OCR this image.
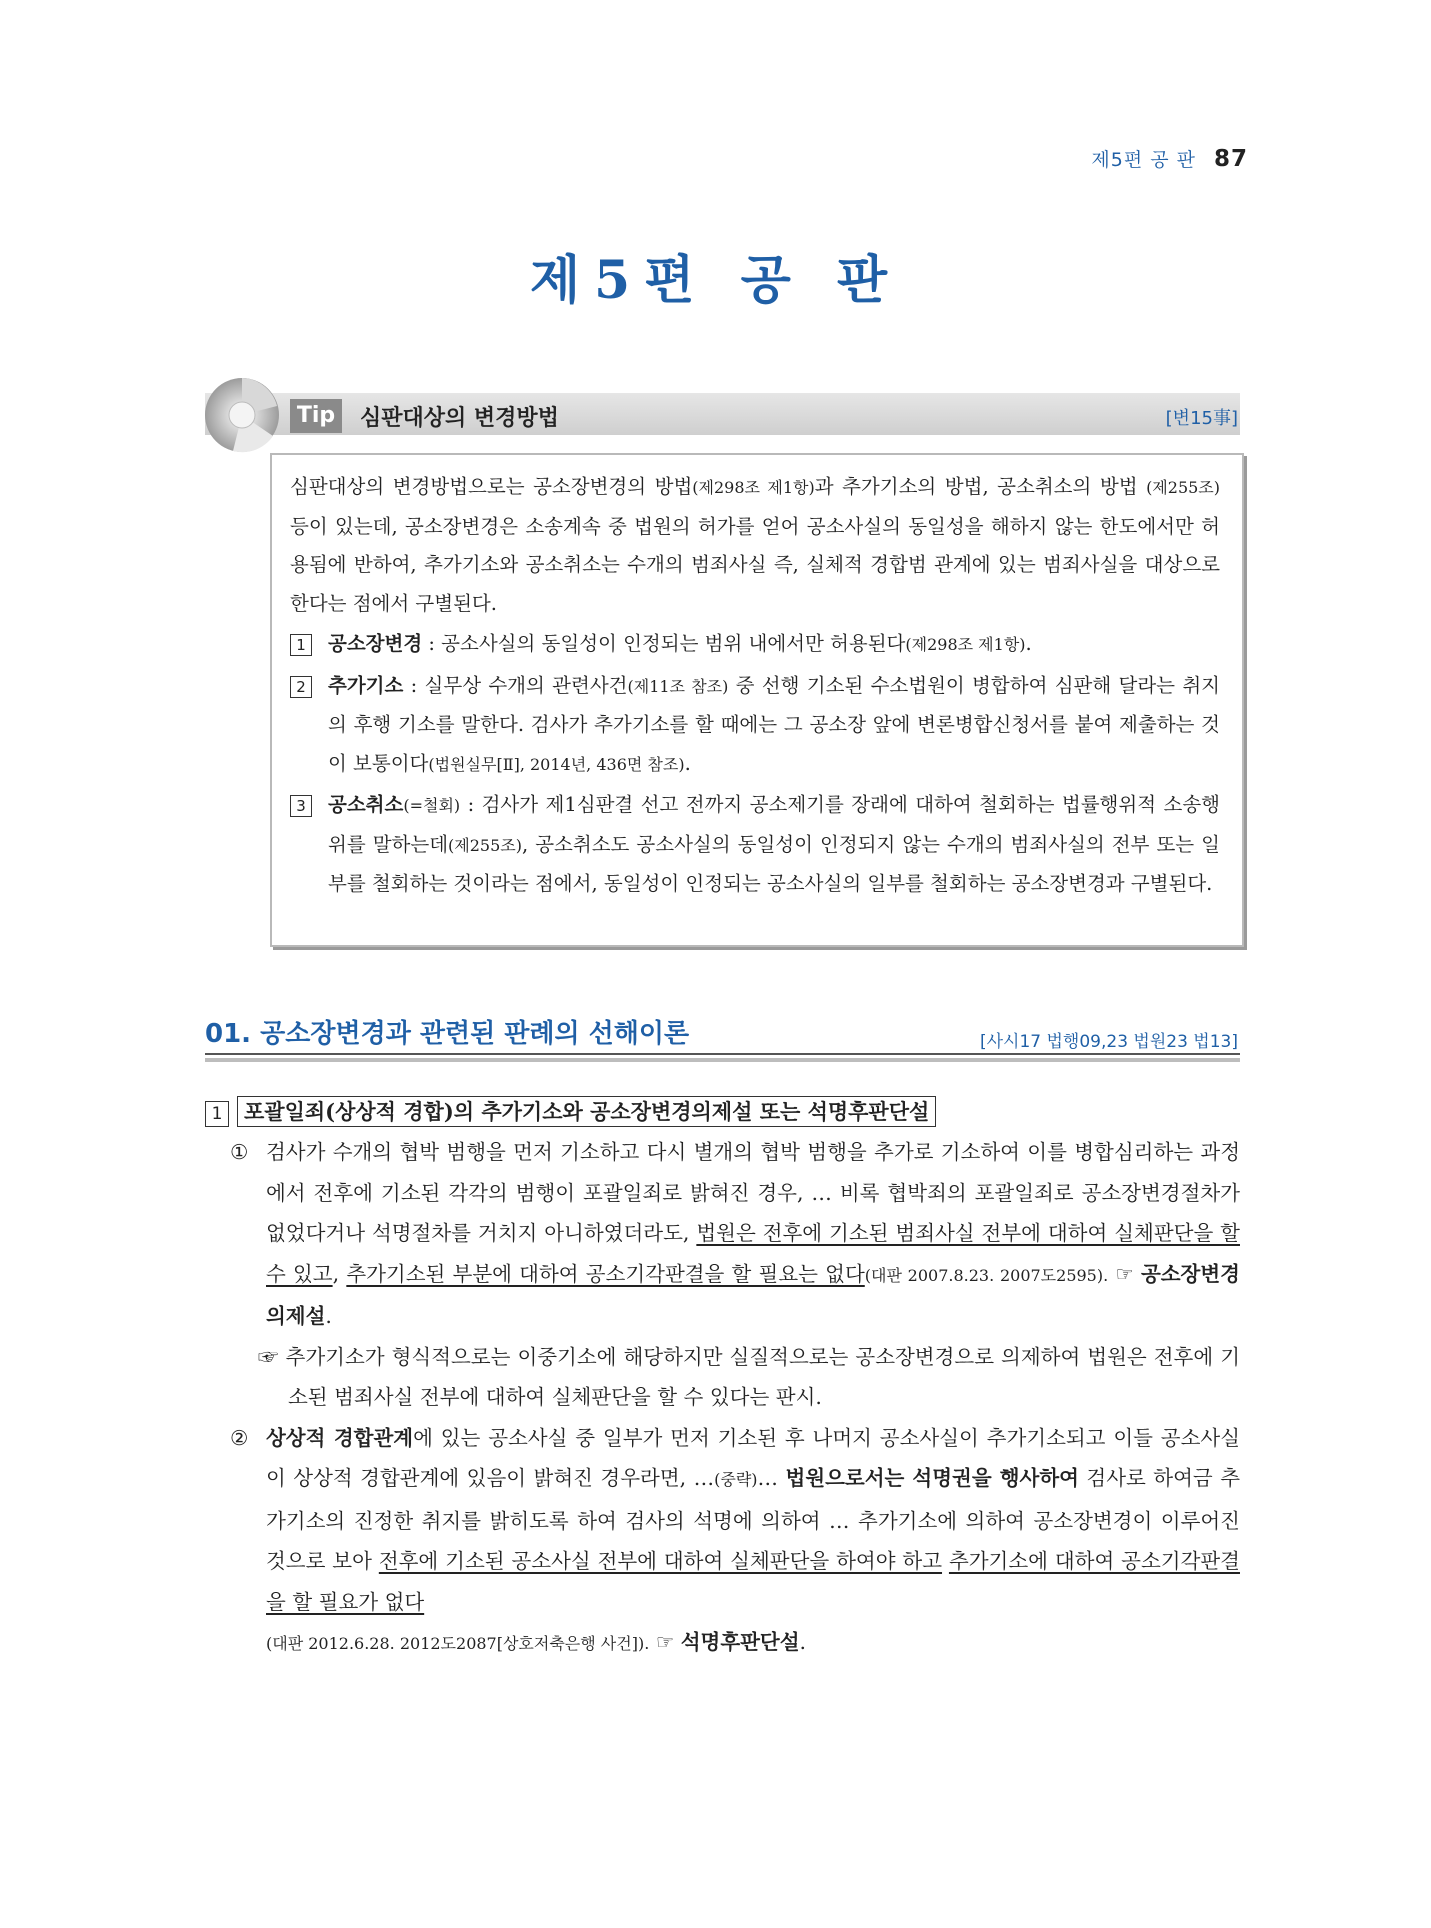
제5편 공 판 87
제5편 공 판
Tip	심판대상의 변경방법	[변15事]

심판대상의 변경방법으로는 공소장변경의 방법(제298조 제1항)과 추가기소의 방법, 공소취소의 방법 (제255조) 등이 있는데, 공소장변경은 소송계속 중 법원의 허가를 얻어 공소사실의 동일성을 해하지 않는 한도에서만 허용됨에 반하여, 추가기소와 공소취소는 수개의 범죄사실 즉, 실체적 경합범 관계에 있는 범죄사실을 대상으로 한다는 점에서 구별된다.

1	공소장변경 : 공소사실의 동일성이 인정되는 범위 내에서만 허용된다(제298조 제1항).
2	추가기소 : 실무상 수개의 관련사건(제11조 참조) 중 선행 기소된 수소법원이 병합하여 심판해 달라는 취지의 후행 기소를 말한다. 검사가 추가기소를 할 때에는 그 공소장 앞에 변론병합신청서를 붙여 제출하는 것이 보통이다(법원실무[Ⅱ], 2014년, 436면 참조).
3	공소취소(=철회) : 검사가 제1심판결 선고 전까지 공소제기를 장래에 대하여 철회하는 법률행위적 소송행위를 말하는데(제255조), 공소취소도 공소사실의 동일성이 인정되지 않는 수개의 범죄사실의 전부 또는 일부를 철회하는 것이라는 점에서, 동일성이 인정되는 공소사실의 일부를 철회하는 공소장변경과 구별된다.
01. 공소장변경과 관련된 판례의 선해이론	[사시17 법행09,23 법원23 법13]
1 포괄일죄(상상적 경합)의 추가기소와 공소장변경의제설 또는 석명후판단설
① 검사가 수개의 협박 범행을 먼저 기소하고 다시 별개의 협박 범행을 추가로 기소하여 이를 병합심리하는 과정에서 전후에 기소된 각각의 범행이 포괄일죄로 밝혀진 경우, … 비록 협박죄의 포괄일죄로 공소장변경절차가 없었다거나 석명절차를 거치지 아니하였더라도, 법원은 전후에 기소된 범죄사실 전부에 대하여 실체판단을 할 수 있고, 추가기소된 부분에 대하여 공소기각판결을 할 필요는 없다(대판 2007.8.23. 2007도2595). ☞ 공소장변경의제설.
☞ 추가기소가 형식적으로는 이중기소에 해당하지만 실질적으로는 공소장변경으로 의제하여 법원은 전후에 기소된 범죄사실 전부에 대하여 실체판단을 할 수 있다는 판시.
② 상상적 경합관계에 있는 공소사실 중 일부가 먼저 기소된 후 나머지 공소사실이 추가기소되고 이들 공소사실이 상상적 경합관계에 있음이 밝혀진 경우라면, …(중략)… 법원으로서는 석명권을 행사하여 검사로 하여금 추가기소의 진정한 취지를 밝히도록 하여 검사의 석명에 의하여 … 추가기소에 의하여 공소장변경이 이루어진 것으로 보아 전후에 기소된 공소사실 전부에 대하여 실체판단을 하여야 하고 추가기소에 대하여 공소기각판결을 할 필요가 없다
(대판 2012.6.28. 2012도2087[상호저축은행 사건]). ☞ 석명후판단설.
